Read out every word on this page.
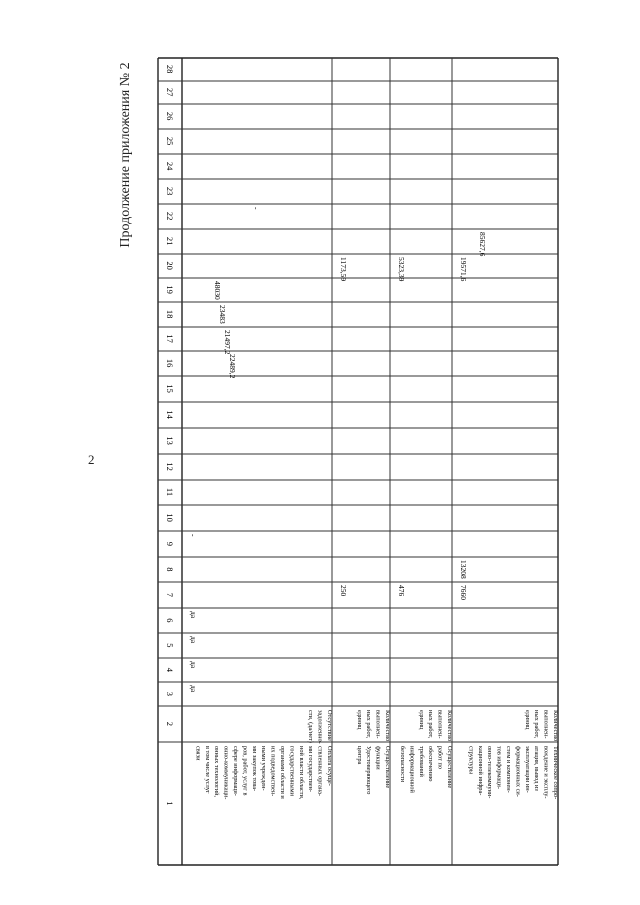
2
Продолжение приложения № 2
1
2
3
4
5
6
7
8
9
10
11
12
13
14
15
16
17
18
19
20
21
22
23
24
25
26
27
28
Оплата осуще-
ствленных органа-
ми государствен-
ной власти области,
государственными
органами области и
их подведомствен-
ными учрежден-
ми закупок това-
ров, работ, услуг в
сфере информаци-
онно-коммуникаци-
онных технологий,
в том числе услуг
связи
Отсутствие
задолженно-
сти, (да/нет)
да
да
да
да
-
22489,2
21497,2
23483
48030
-
Осуществление
функции
Удостоверяющего
центра
Количество
выполнен-
ных работ,
единиц
250
1173,59
Осуществление
работ по
обеспечению
требований
информационной
безопасности
Количество
выполнен-
ных работ,
единиц
476
5323,39
Техническое сопро-
вождение и эксплу-
атация, вывод из
эксплуатации ин-
формационных си-
стем и компонен-
тов информаци-
онно-телекоммуни-
кационной инфра-
структуры
Количество
выполнен-
ных работ,
единиц
7660
13208
19571,6
85627,6
